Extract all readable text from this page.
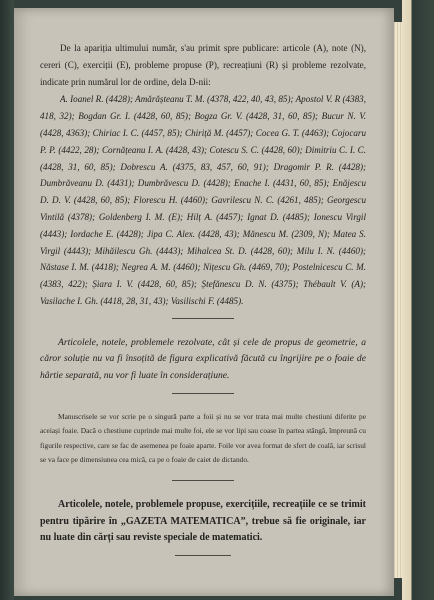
De la apariția ultimului număr, s'au primit spre publicare: articole (A), note (N), cereri (C), exerciții (E), probleme propuse (P), recreațiuni (R) și probleme rezolvate, indicate prin numărul lor de ordine, dela D-nii:

A. Ioanel R. (4428); Amărășteanu T. M. (4378, 422, 40, 43, 85); Apostol V. R (4383, 418, 32); Bogdan Gr. I. (4428, 60, 85); Bogza Gr. V. (4428, 31, 60, 85); Bucur N. V. (4428, 4363); Chiriac I. C. (4457, 85); Chiriță M. (4457); Cocea G. T. (4463); Cojocaru P. P. (4422, 28); Cornățeanu I. A. (4428, 43); Cotescu S. C. (4428, 60); Dimitriu C. I. C. (4428, 31, 60, 85); Dobrescu A. (4375, 83, 457, 60, 91); Dragomir P. R. (4428); Dumbrăveanu D. (4431); Dumbrăvescu D. (4428); Enache I. (4431, 60, 85); Enăjescu D. D. V. (4428, 60, 85); Florescu H. (4460); Gavrilescu N. C. (4261, 485); Georgescu Vintilă (4378); Goldenberg I. M. (E); Hilț A. (4457); Ignat D. (4485); Ionescu Virgil (4443); Iordache E. (4428); Jipa C. Alex. (4428, 43); Mănescu M. (2309, N); Matea S. Virgil (4443); Mihăilescu Gh. (4443); Mihalcea St. D. (4428, 60); Milu I. N. (4460); Năstase I. M. (4418); Negrea A. M. (4460); Nițescu Gh. (4469, 70); Postelnicescu C. M. (4383, 422); Șiara I. V. (4428, 60, 85); Ștefănescu D. N. (4375); Thébault V. (A); Vasilache I. Gh. (4418, 28, 31, 43); Vasilischi F. (4485).

Articolele, notele, problemele rezolvate, cât și cele de propus de geometrie, a căror soluție nu va fi însoțită de figura explicativă făcută cu îngrijire pe o foaie de hârtie separată, nu vor fi luate în considerațiune.

Manuscrisele se vor scrie pe o singură parte a foii și nu se vor trata mai multe chestiuni diferite pe aceiași foaie. Dacă o chestiune cuprinde mai multe foi, ele se vor lipi sau coase în partea stângă, împreună cu figurile respective, care se fac de asemenea pe foaie aparte. Foile vor avea format de sfert de coală, iar scrisul se va face pe dimensiunea cea mică, ca pe o foaie de caiet de dictando.

Articolele, notele, problemele propuse, exercițiile, recreațiile ce se trimit pentru tipărire în „GAZETA MATEMATICA”, trebue să fie originale, iar nu luate din cărți sau reviste speciale de matematici.
